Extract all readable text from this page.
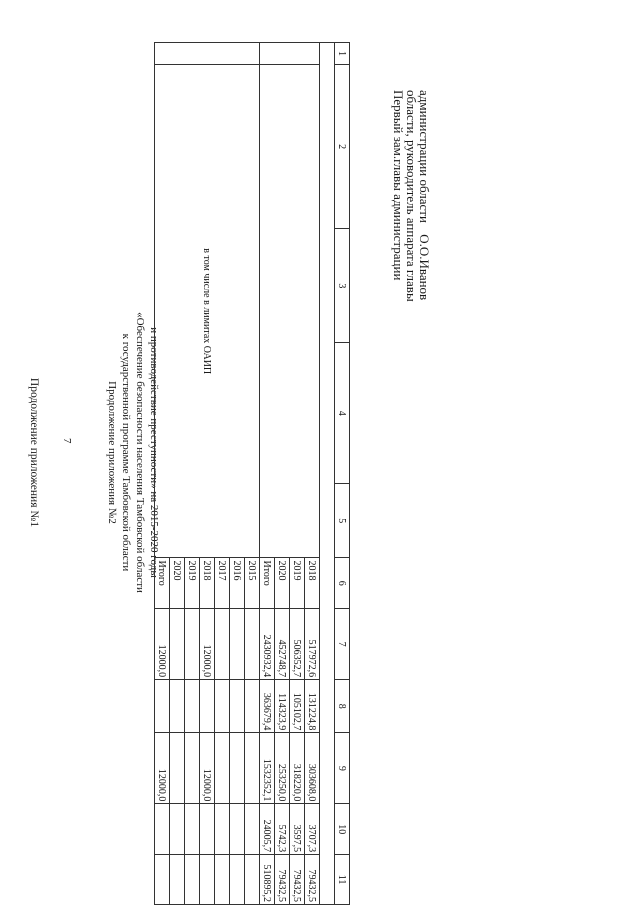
7
Продолжение приложения №1	Продолжение приложения №2 к государственной программе Тамбовской области «Обеспечение безопасности населения Тамбовской области и противодействие преступности» на 2015-2020 годы
1	2	3	4	5	6	7	8	9	10	11

					2018	517972,6	131224,8	303608,0	3707,3	79432,5
					2019	506352,7	105102,7	318220,0	3597,5	79432,5
					2020	452748,7	114323,9	253250,0	5742,3	79432,5
					Итого	2430932,4	363679,4	1532352,1	24005,7	510895,2
	в том числе в лимитах ОАИП				2015					
					2016					
					2017					
					2018	12000,0		12000,0		
					2019					
					2020					
					Итого	12000,0		12000,0		
Первый зам.главы администрации
области, руководитель аппарата главы
администрации области О.О.Иванов
